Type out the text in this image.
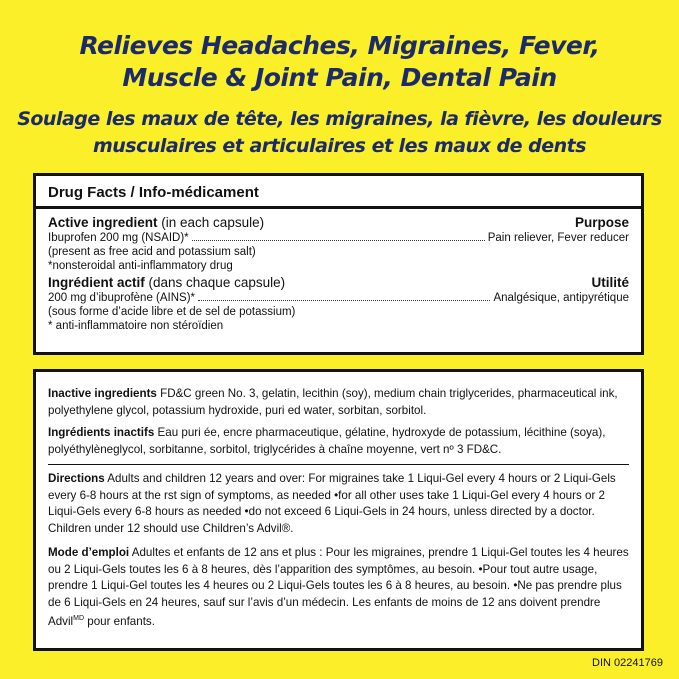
Relieves Headaches, Migraines, Fever,
Muscle & Joint Pain, Dental Pain
Soulage les maux de tête, les migraines, la fièvre, les douleurs
musculaires et articulaires et les maux de dents
Drug Facts / Info-médicament
Active ingredient (in each capsule)	Purpose
Ibuprofen 200 mg (NSAID)*	Pain reliever, Fever reducer
(present as free acid and potassium salt)
*nonsteroidal anti-inflammatory drug
Ingrédient actif (dans chaque capsule)	Utilité
200 mg d’ibuprofène (AINS)*	Analgésique, antipyrétique
(sous forme d’acide libre et de sel de potassium)
* anti-inflammatoire non stéroïdien
Inactive ingredients FD&C green No. 3, gelatin, lecithin (soy), medium chain triglycerides, pharmaceutical ink, polyethylene glycol, potassium hydroxide, puri ed water, sorbitan, sorbitol.
Ingrédients inactifs Eau puri ée, encre pharmaceutique, gélatine, hydroxyde de potassium, lécithine (soya), polyéthylèneglycol, sorbitanne, sorbitol, triglycérides à chaîne moyenne, vert nº 3 FD&C.
Directions Adults and children 12 years and over: For migraines take 1 Liqui-Gel every 4 hours or 2 Liqui-Gels every 6-8 hours at the rst sign of symptoms, as needed •for all other uses take 1 Liqui-Gel every 4 hours or 2 Liqui-Gels every 6-8 hours as needed •do not exceed 6 Liqui-Gels in 24 hours, unless directed by a doctor. Children under 12 should use Children’s Advil®.
Mode d’emploi Adultes et enfants de 12 ans et plus : Pour les migraines, prendre 1 Liqui-Gel toutes les 4 heures ou 2 Liqui-Gels toutes les 6 à 8 heures, dès l’apparition des symptômes, au besoin. •Pour tout autre usage, prendre 1 Liqui-Gel toutes les 4 heures ou 2 Liqui-Gels toutes les 6 à 8 heures, au besoin. •Ne pas prendre plus de 6 Liqui-Gels en 24 heures, sauf sur l’avis d’un médecin. Les enfants de moins de 12 ans doivent prendre Advil$^{MD}$ pour enfants.
DIN 02241769
